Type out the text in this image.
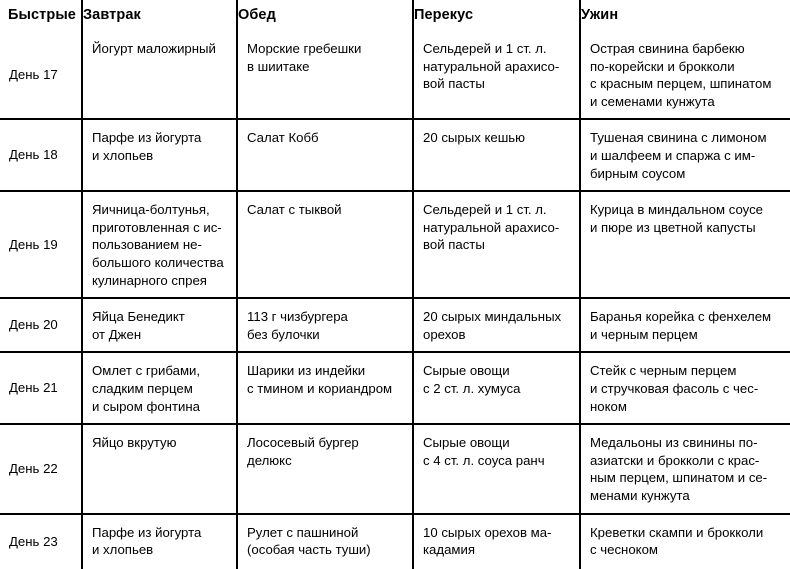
Быстрые	Завтрак	Обед	Перекус	Ужин
День 17	Йогурт маложирный	Морские гребешки
в шиитаке	Сельдерей и 1 ст. л.
натуральной арахисо-
вой пасты	Острая свинина барбекю
по-корейски и брокколи
с красным перцем, шпинатом
и семенами кунжута

День 18	Парфе из йогурта
и хлопьев	Салат Кобб	20 сырых кешью	Тушеная свинина с лимоном
и шалфеем и спаржа с им-
бирным соусом

День 19	Яичница-болтунья,
приготовленная с ис-
пользованием не-
большого количества
кулинарного спрея	Салат с тыквой	Сельдерей и 1 ст. л.
натуральной арахисо-
вой пасты	Курица в миндальном соусе
и пюре из цветной капусты

День 20	Яйца Бенедикт
от Джен	113 г чизбургера
без булочки	20 сырых миндальных
орехов	Баранья корейка с фенхелем
и черным перцем

День 21	Омлет с грибами,
сладким перцем
и сыром фонтина	Шарики из индейки
с тмином и кориандром	Сырые овощи
с 2 ст. л. хумуса	Стейк с черным перцем
и стручковая фасоль с чес-
ноком

День 22	Яйцо вкрутую	Лососевый бургер
делюкс	Сырые овощи
с 4 ст. л. соуса ранч	Медальоны из свинины по-
азиатски и брокколи с крас-
ным перцем, шпинатом и се-
менами кунжута

День 23	Парфе из йогурта
и хлопьев	Рулет с пашниной
(особая часть туши)	10 сырых орехов ма-
кадамия	Креветки скампи и брокколи
с чесноком
